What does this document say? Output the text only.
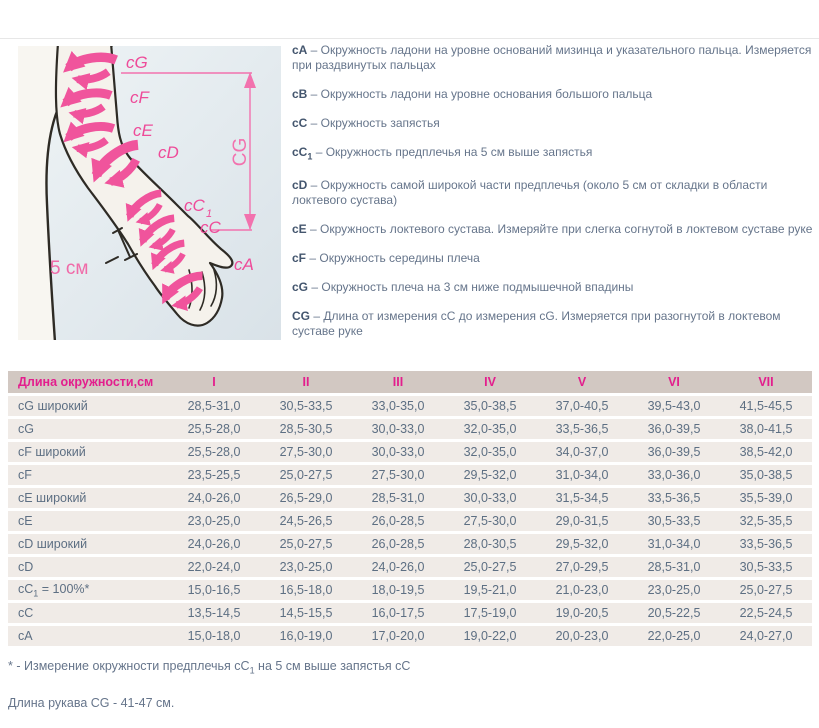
CG
5 см
cG
cF
cE
cD
cC 1
cC
cA

cA – Окружность ладони на уровне оснований мизинца и указательного пальца. Измеряется при раздвинутых пальцах

cB – Окружность ладони на уровне основания большого пальца

cC – Окружность запястья

$cC_1$ – Окружность предплечья на 5 см выше запястья

cD – Окружность самой широкой части предплечья (около 5 см от складки в области локтевого сустава)

cE – Окружность локтевого сустава. Измеряйте при слегка согнутой в локтевом суставе руке

cF – Окружность середины плеча

cG – Окружность плеча на 3 см ниже подмышечной впадины

CG – Длина от измерения cC до измерения cG. Измеряется при разогнутой в локтевом суставе руке

Длина окружности,см	I	II	III	IV	V	VI	VII
cG широкий	28,5-31,0	30,5-33,5	33,0-35,0	35,0-38,5	37,0-40,5	39,5-43,0	41,5-45,5
cG	25,5-28,0	28,5-30,5	30,0-33,0	32,0-35,0	33,5-36,5	36,0-39,5	38,0-41,5
cF широкий	25,5-28,0	27,5-30,0	30,0-33,0	32,0-35,0	34,0-37,0	36,0-39,5	38,5-42,0
cF	23,5-25,5	25,0-27,5	27,5-30,0	29,5-32,0	31,0-34,0	33,0-36,0	35,0-38,5
cE широкий	24,0-26,0	26,5-29,0	28,5-31,0	30,0-33,0	31,5-34,5	33,5-36,5	35,5-39,0
cE	23,0-25,0	24,5-26,5	26,0-28,5	27,5-30,0	29,0-31,5	30,5-33,5	32,5-35,5
cD широкий	24,0-26,0	25,0-27,5	26,0-28,5	28,0-30,5	29,5-32,0	31,0-34,0	33,5-36,5
cD	22,0-24,0	23,0-25,0	24,0-26,0	25,0-27,5	27,0-29,5	28,5-31,0	30,5-33,5
$cC_1 = 100\%*$	15,0-16,5	16,5-18,0	18,0-19,5	19,5-21,0	21,0-23,0	23,0-25,0	25,0-27,5
cC	13,5-14,5	14,5-15,5	16,0-17,5	17,5-19,0	19,0-20,5	20,5-22,5	22,5-24,5
cA	15,0-18,0	16,0-19,0	17,0-20,0	19,0-22,0	20,0-23,0	22,0-25,0	24,0-27,0

* - Измерение окружности предплечья $cC_1$ на 5 см выше запястья cC

Длина рукава CG - 41-47 см.
